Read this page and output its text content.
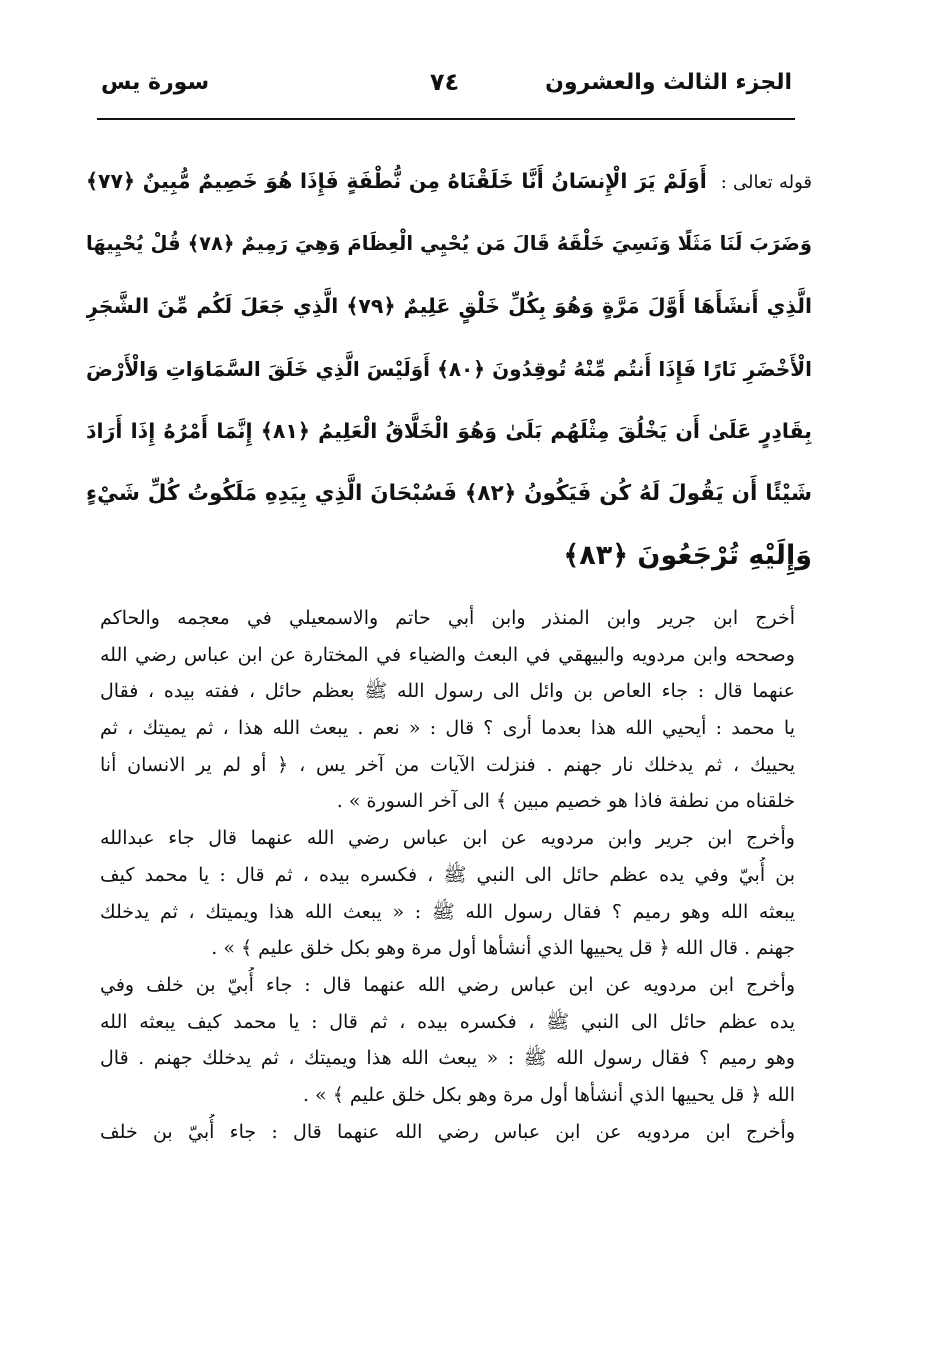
الجزء الثالث والعشرون
٧٤
سورة يس
قوله تعالى :أَوَلَمْ يَرَ الْإِنسَانُ أَنَّا خَلَقْنَاهُ مِن نُّطْفَةٍ فَإِذَا هُوَ خَصِيمٌ مُّبِينٌ ﴿٧٧﴾
وَضَرَبَ لَنَا مَثَلًا وَنَسِيَ خَلْقَهُ قَالَ مَن يُحْيِي الْعِظَامَ وَهِيَ رَمِيمٌ ﴿٧٨﴾ قُلْ يُحْيِيهَا
الَّذِي أَنشَأَهَا أَوَّلَ مَرَّةٍ وَهُوَ بِكُلِّ خَلْقٍ عَلِيمٌ ﴿٧٩﴾ الَّذِي جَعَلَ لَكُم مِّنَ الشَّجَرِ
الْأَخْضَرِ نَارًا فَإِذَا أَنتُم مِّنْهُ تُوقِدُونَ ﴿٨٠﴾ أَوَلَيْسَ الَّذِي خَلَقَ السَّمَاوَاتِ وَالْأَرْضَ
بِقَادِرٍ عَلَىٰ أَن يَخْلُقَ مِثْلَهُم بَلَىٰ وَهُوَ الْخَلَّاقُ الْعَلِيمُ ﴿٨١﴾ إِنَّمَا أَمْرُهُ إِذَا أَرَادَ
شَيْئًا أَن يَقُولَ لَهُ كُن فَيَكُونُ ﴿٨٢﴾ فَسُبْحَانَ الَّذِي بِيَدِهِ مَلَكُوتُ كُلِّ شَيْءٍ
وَإِلَيْهِ تُرْجَعُونَ ﴿٨٣﴾
أخرج ابن جرير وابن المنذر وابن أبي حاتم والاسمعيلي في معجمه والحاكم
وصححه وابن مردويه والبيهقي في البعث والضياء في المختارة عن ابن عباس رضي الله
عنهما قال : جاء العاص بن وائل الى رسول الله ﷺ بعظم حائل ، ففته بيده ، فقال
يا محمد : أيحيي الله هذا بعدما أرى ؟ قال : « نعم . يبعث الله هذا ، ثم يميتك ، ثم
يحييك ، ثم يدخلك نار جهنم . فنزلت الآيات من آخر يس ، ﴿ أو لم ير الانسان أنا
خلقناه من نطفة فاذا هو خصيم مبين ﴾ الى آخر السورة » .
وأخرج ابن جرير وابن مردويه عن ابن عباس رضي الله عنهما قال جاء عبدالله
بن أُبيّ وفي يده عظم حائل الى النبي ﷺ ، فكسره بيده ، ثم قال : يا محمد كيف
يبعثه الله وهو رميم ؟ فقال رسول الله ﷺ : « يبعث الله هذا ويميتك ، ثم يدخلك
جهنم . قال الله ﴿ قل يحييها الذي أنشأها أول مرة وهو بكل خلق عليم ﴾ » .
وأخرج ابن مردويه عن ابن عباس رضي الله عنهما قال : جاء أُبيّ بن خلف وفي
يده عظم حائل الى النبي ﷺ ، فكسره بيده ، ثم قال : يا محمد كيف يبعثه الله
وهو رميم ؟ فقال رسول الله ﷺ : « يبعث الله هذا ويميتك ، ثم يدخلك جهنم . قال
الله ﴿ قل يحييها الذي أنشأها أول مرة وهو بكل خلق عليم ﴾ » .
وأخرج ابن مردويه عن ابن عباس رضي الله عنهما قال : جاء أُبيّ بن خلف
